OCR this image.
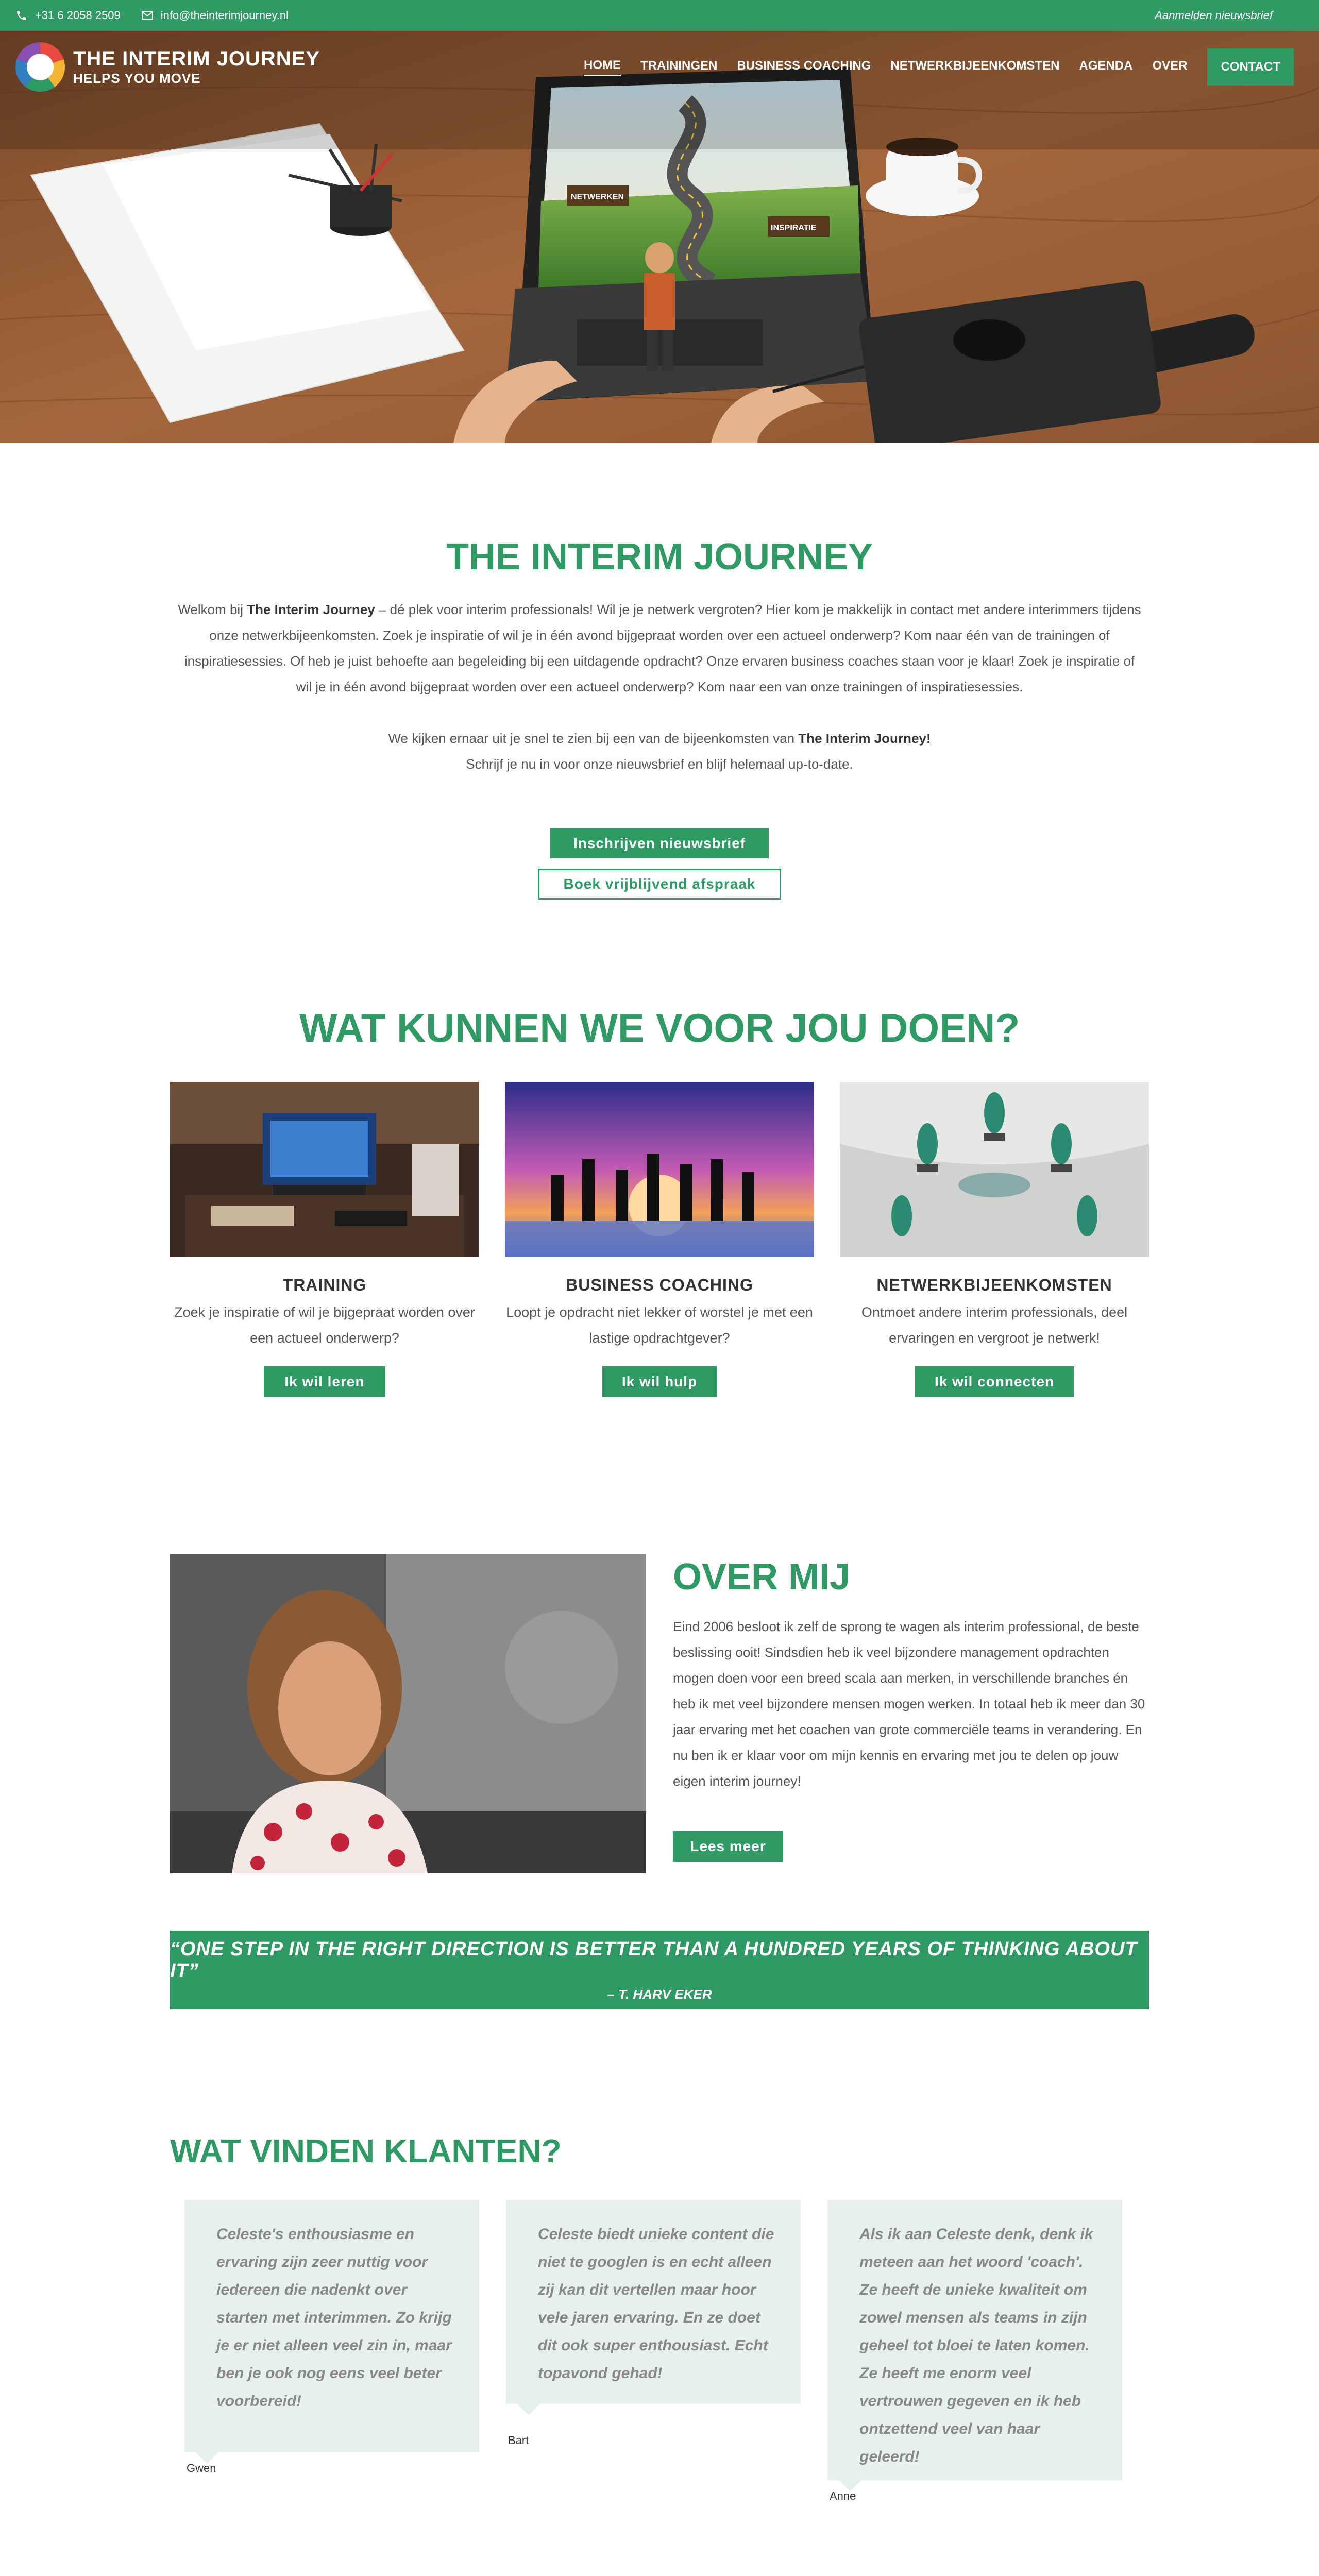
+31 6 2058 2509	info@theinterimjourney.nl	Aanmelden nieuwsbrief
NETWERKEN
INSPIRATIE
THE INTERIM JOURNEY
HELPS YOU MOVE
HOME TRAININGEN BUSINESS COACHING NETWERKBIJEENKOMSTEN AGENDA OVER	CONTACT
THE INTERIM JOURNEY

Welkom bij The Interim Journey – dé plek voor interim professionals! Wil je je netwerk vergroten? Hier kom je makkelijk in contact met andere interimmers tijdens onze netwerkbijeenkomsten. Zoek je inspiratie of wil je in één avond bijgepraat worden over een actueel onderwerp? Kom naar één van de trainingen of inspiratiesessies. Of heb je juist behoefte aan begeleiding bij een uitdagende opdracht? Onze ervaren business coaches staan voor je klaar! Zoek je inspiratie of wil je in één avond bijgepraat worden over een actueel onderwerp? Kom naar een van onze trainingen of inspiratiesessies.

We kijken ernaar uit je snel te zien bij een van de bijeenkomsten van The Interim Journey!

Schrijf je nu in voor onze nieuwsbrief en blijf helemaal up-to-date.

Inschrijven nieuwsbrief
Boek vrijblijvend afspraak
WAT KUNNEN WE VOOR JOU DOEN?
TRAINING	BUSINESS COACHING	NETWERKBIJEENKOMSTEN
Zoek je inspiratie of wil je bijgepraat worden over een actueel onderwerp?
Loopt je opdracht niet lekker of worstel je met een lastige opdrachtgever?
Ontmoet andere interim professionals, deel ervaringen en vergroot je netwerk!
Ik wil leren	Ik wil hulp	Ik wil connecten
OVER MIJ
Eind 2006 besloot ik zelf de sprong te wagen als interim professional, de beste beslissing ooit! Sindsdien heb ik veel bijzondere management opdrachten mogen doen voor een breed scala aan merken, in verschillende branches én heb ik met veel bijzondere mensen mogen werken. In totaal heb ik meer dan 30 jaar ervaring met het coachen van grote commerciële teams in verandering. En nu ben ik er klaar voor om mijn kennis en ervaring met jou te delen op jouw eigen interim journey!
Lees meer
“ONE STEP IN THE RIGHT DIRECTION IS BETTER THAN A HUNDRED YEARS OF THINKING ABOUT IT”
– T. HARV EKER
WAT VINDEN KLANTEN?
Celeste's enthousiasme en ervaring zijn zeer nuttig voor iedereen die nadenkt over starten met interimmen. Zo krijg je er niet alleen veel zin in, maar ben je ook nog eens veel beter voorbereid!
Celeste biedt unieke content die niet te googlen is en echt alleen zij kan dit vertellen maar hoor vele jaren ervaring. En ze doet dit ook super enthousiast. Echt topavond gehad!
Als ik aan Celeste denk, denk ik meteen aan het woord 'coach'. Ze heeft de unieke kwaliteit om zowel mensen als teams in zijn geheel tot bloei te laten komen. Ze heeft me enorm veel vertrouwen gegeven en ik heb ontzettend veel van haar geleerd!
Gwen
Bart
Anne
